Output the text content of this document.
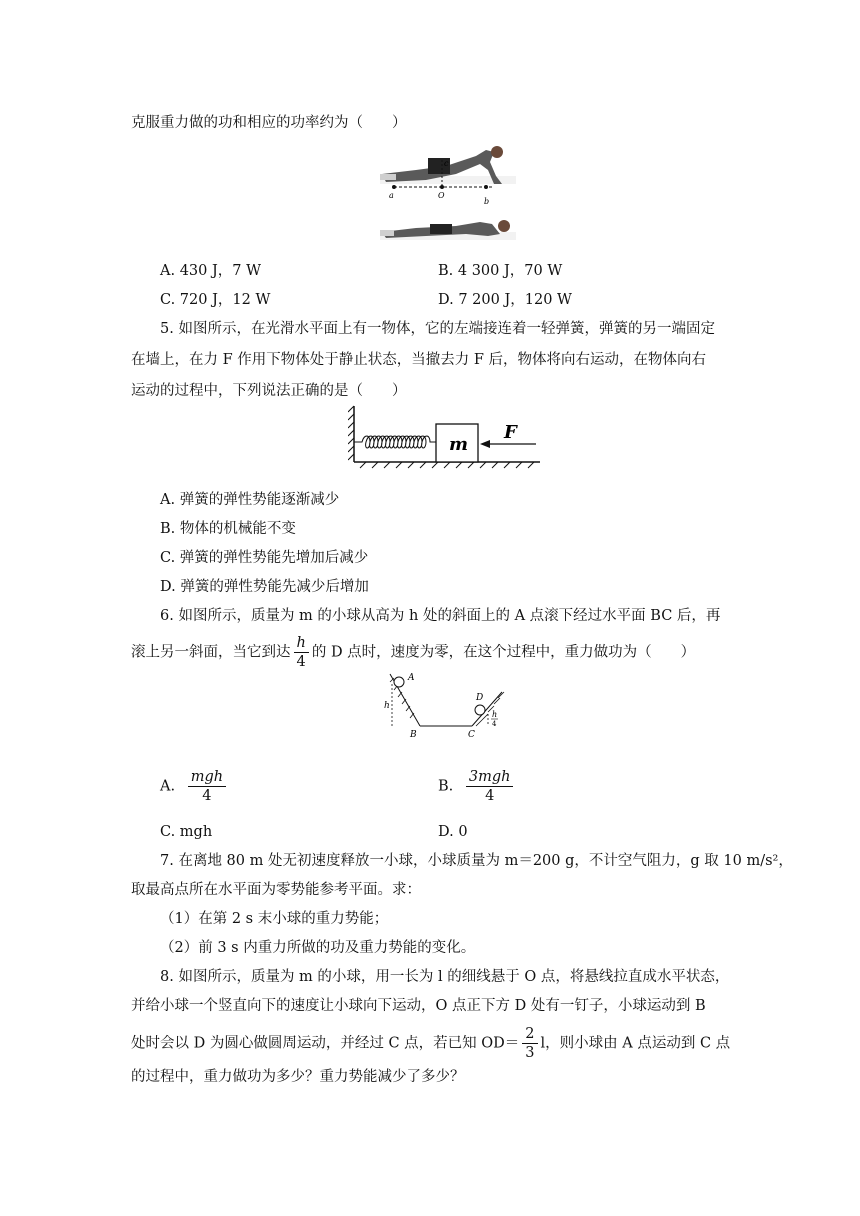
克服重力做的功和相应的功率约为（　　）
c
O
a
b
A. 430 J，7 W	B. 4 300 J，70 W
C. 720 J，12 W	D. 7 200 J，120 W
5. 如图所示，在光滑水平面上有一物体，它的左端接连着一轻弹簧，弹簧的另一端固定
在墙上，在力 F 作用下物体处于静止状态，当撤去力 F 后，物体将向右运动，在物体向右
运动的过程中，下列说法正确的是（　　）
m
F
A. 弹簧的弹性势能逐渐减少
B. 物体的机械能不变
C. 弹簧的弹性势能先增加后减少
D. 弹簧的弹性势能先减少后增加
6. 如图所示，质量为 m 的小球从高为 h 处的斜面上的 A 点滚下经过水平面 BC 后，再
滚上另一斜面，当它到达 $\frac{h}{4}$ 的 D 点时，速度为零，在这个过程中，重力做功为（　　）
A
h
B	C
D
h
4
A. $\frac{\text{mgh}}{4}$	B. $\frac{\text{3mgh}}{4}$
C. mgh	D. 0
7. 在离地 80 m 处无初速度释放一小球，小球质量为 m＝200 g，不计空气阻力，g 取 10 m/s²，
取最高点所在水平面为零势能参考平面。求：
（1）在第 2 s 末小球的重力势能；
（2）前 3 s 内重力所做的功及重力势能的变化。
8. 如图所示，质量为 m 的小球，用一长为 l 的细线悬于 O 点，将悬线拉直成水平状态，
并给小球一个竖直向下的速度让小球向下运动，O 点正下方 D 处有一钉子，小球运动到 B
处时会以 D 为圆心做圆周运动，并经过 C 点，若已知 $OD= \frac{2}{3}$ l，则小球由 A 点运动到 C 点
的过程中，重力做功为多少？重力势能减少了多少？
